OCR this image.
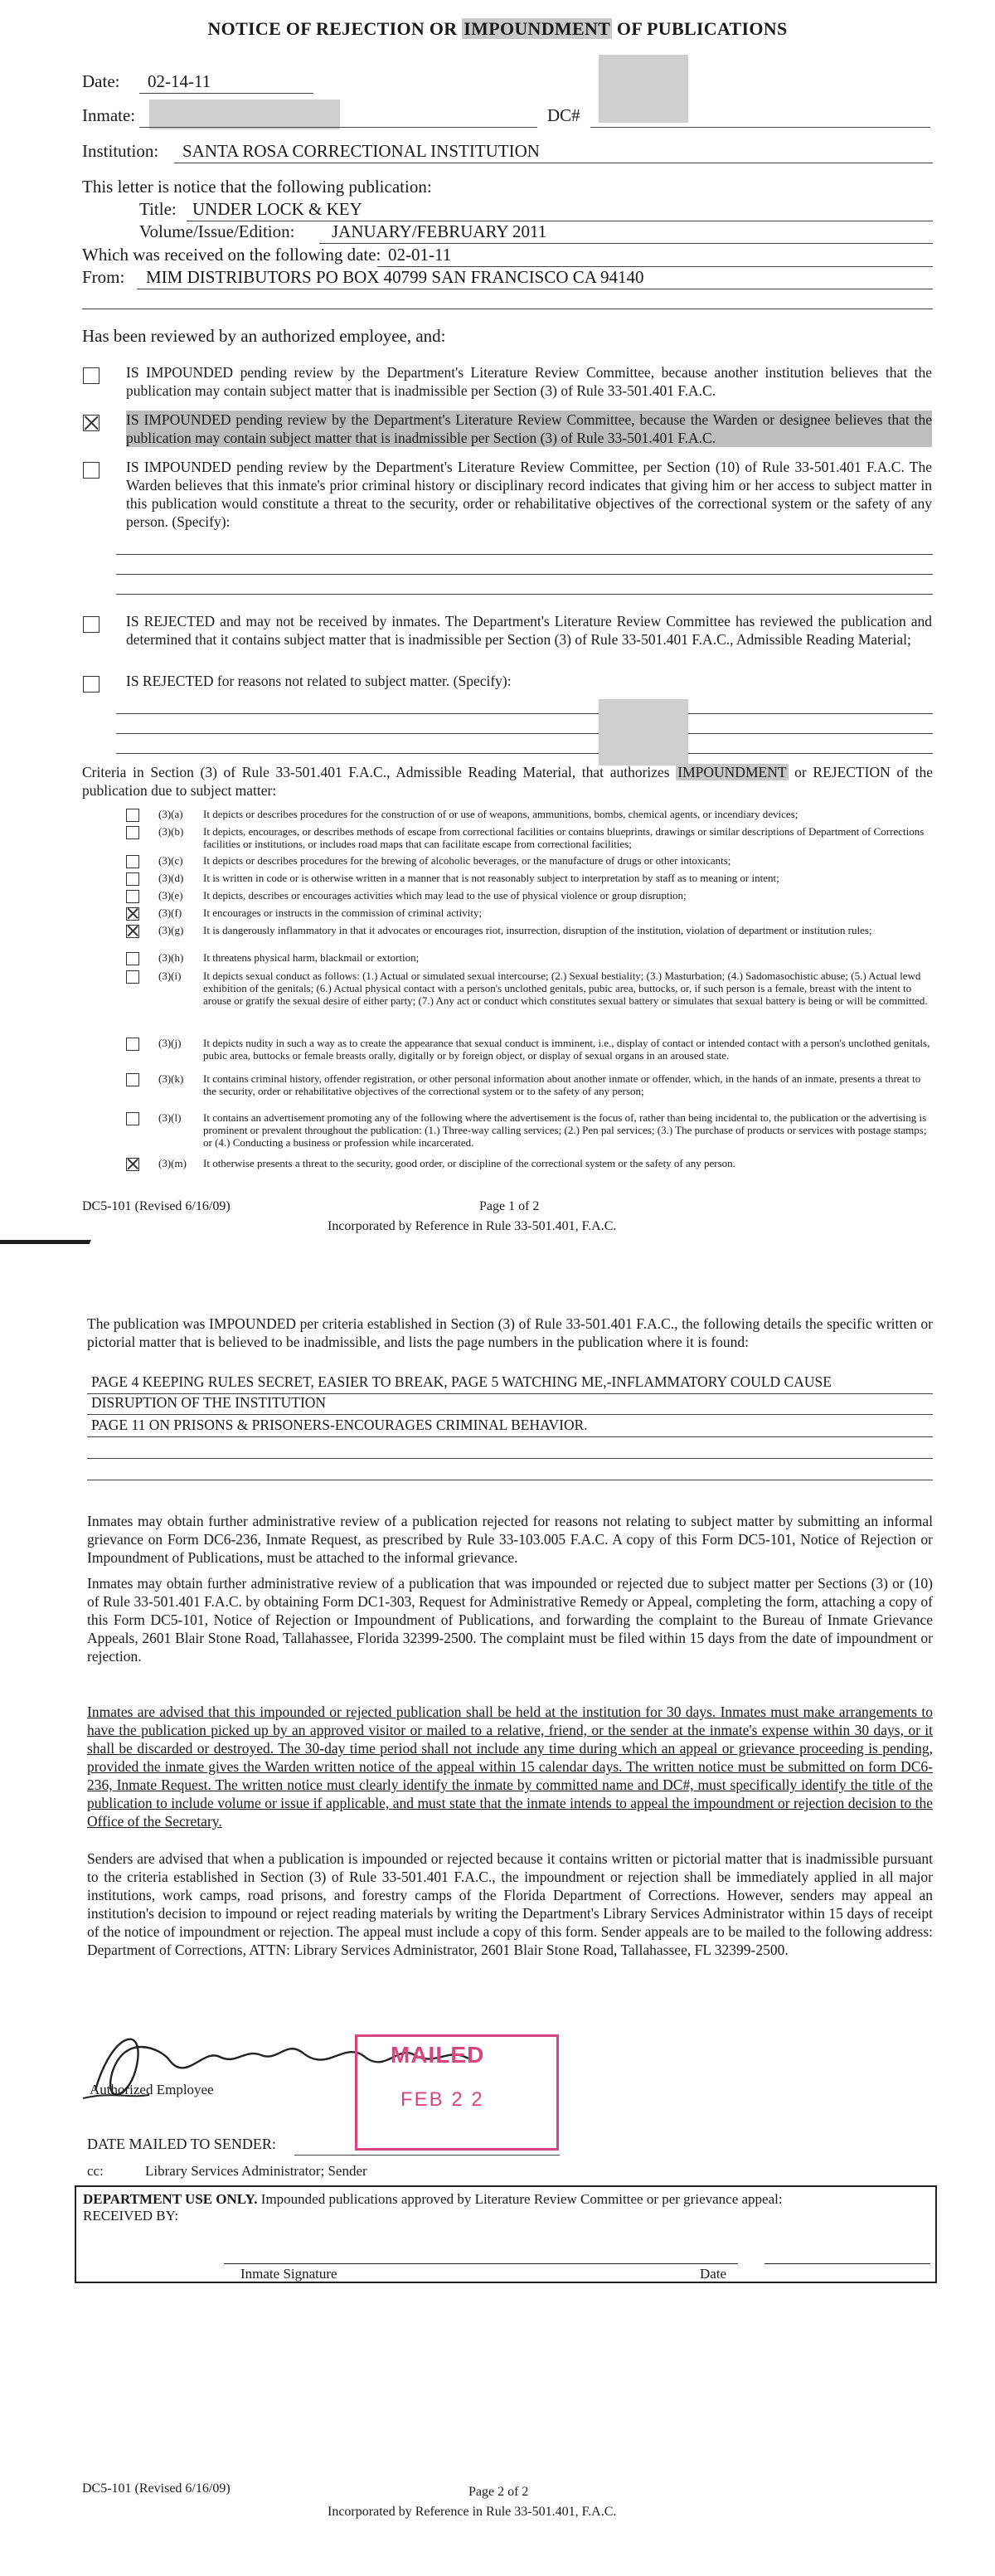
NOTICE OF REJECTION OR IMPOUNDMENT OF PUBLICATIONS
Date: 02-14-11
Inmate:	DC#
Institution: SANTA ROSA CORRECTIONAL INSTITUTION
This letter is notice that the following publication:
Title: UNDER LOCK & KEY
Volume/Issue/Edition: JANUARY/FEBRUARY 2011
Which was received on the following date: 02-01-11
From: MIM DISTRIBUTORS PO BOX 40799 SAN FRANCISCO CA 94140
Has been reviewed by an authorized employee, and:
IS IMPOUNDED pending review by the Department's Literature Review Committee, because another institution believes that the publication may contain subject matter that is inadmissible per Section (3) of Rule 33-501.401 F.A.C.
IS IMPOUNDED pending review by the Department's Literature Review Committee, because the Warden or designee believes that the publication may contain subject matter that is inadmissible per Section (3) of Rule 33-501.401 F.A.C.
IS IMPOUNDED pending review by the Department's Literature Review Committee, per Section (10) of Rule 33-501.401 F.A.C. The Warden believes that this inmate's prior criminal history or disciplinary record indicates that giving him or her access to subject matter in this publication would constitute a threat to the security, order or rehabilitative objectives of the correctional system or the safety of any person. (Specify):
IS REJECTED and may not be received by inmates. The Department's Literature Review Committee has reviewed the publication and determined that it contains subject matter that is inadmissible per Section (3) of Rule 33-501.401 F.A.C., Admissible Reading Material;
IS REJECTED for reasons not related to subject matter. (Specify):
Criteria in Section (3) of Rule 33-501.401 F.A.C., Admissible Reading Material, that authorizes IMPOUNDMENT or REJECTION of the publication due to subject matter:
(3)(a) It depicts or describes procedures for the construction of or use of weapons, ammunitions, bombs, chemical agents, or incendiary devices;
(3)(b) It depicts, encourages, or describes methods of escape from correctional facilities or contains blueprints, drawings or similar descriptions of Department of Corrections facilities or institutions, or includes road maps that can facilitate escape from correctional facilities;
(3)(c) It depicts or describes procedures for the brewing of alcoholic beverages, or the manufacture of drugs or other intoxicants;
(3)(d) It is written in code or is otherwise written in a manner that is not reasonably subject to interpretation by staff as to meaning or intent;
(3)(e) It depicts, describes or encourages activities which may lead to the use of physical violence or group disruption;
(3)(f) It encourages or instructs in the commission of criminal activity;
(3)(g) It is dangerously inflammatory in that it advocates or encourages riot, insurrection, disruption of the institution, violation of department or institution rules;
(3)(h) It threatens physical harm, blackmail or extortion;
(3)(i) It depicts sexual conduct as follows: (1.) Actual or simulated sexual intercourse; (2.) Sexual bestiality; (3.) Masturbation; (4.) Sadomasochistic abuse; (5.) Actual lewd exhibition of the genitals; (6.) Actual physical contact with a person's unclothed genitals, pubic area, buttocks, or, if such person is a female, breast with the intent to arouse or gratify the sexual desire of either party; (7.) Any act or conduct which constitutes sexual battery or simulates that sexual battery is being or will be committed.
(3)(j) It depicts nudity in such a way as to create the appearance that sexual conduct is imminent, i.e., display of contact or intended contact with a person's unclothed genitals, pubic area, buttocks or female breasts orally, digitally or by foreign object, or display of sexual organs in an aroused state.
(3)(k) It contains criminal history, offender registration, or other personal information about another inmate or offender, which, in the hands of an inmate, presents a threat to the security, order or rehabilitative objectives of the correctional system or to the safety of any person;
(3)(l) It contains an advertisement promoting any of the following where the advertisement is the focus of, rather than being incidental to, the publication or the advertising is prominent or prevalent throughout the publication: (1.) Three-way calling services; (2.) Pen pal services; (3.) The purchase of products or services with postage stamps; or (4.) Conducting a business or profession while incarcerated.
(3)(m) It otherwise presents a threat to the security, good order, or discipline of the correctional system or the safety of any person.
DC5-101 (Revised 6/16/09)	Page 1 of 2
Incorporated by Reference in Rule 33-501.401, F.A.C.
The publication was IMPOUNDED per criteria established in Section (3) of Rule 33-501.401 F.A.C., the following details the specific written or pictorial matter that is believed to be inadmissible, and lists the page numbers in the publication where it is found:
PAGE 4 KEEPING RULES SECRET, EASIER TO BREAK, PAGE 5 WATCHING ME,-INFLAMMATORY COULD CAUSE
DISRUPTION OF THE INSTITUTION
PAGE 11 ON PRISONS & PRISONERS-ENCOURAGES CRIMINAL BEHAVIOR.
Inmates may obtain further administrative review of a publication rejected for reasons not relating to subject matter by submitting an informal grievance on Form DC6-236, Inmate Request, as prescribed by Rule 33-103.005 F.A.C. A copy of this Form DC5-101, Notice of Rejection or Impoundment of Publications, must be attached to the informal grievance.
Inmates may obtain further administrative review of a publication that was impounded or rejected due to subject matter per Sections (3) or (10) of Rule 33-501.401 F.A.C. by obtaining Form DC1-303, Request for Administrative Remedy or Appeal, completing the form, attaching a copy of this Form DC5-101, Notice of Rejection or Impoundment of Publications, and forwarding the complaint to the Bureau of Inmate Grievance Appeals, 2601 Blair Stone Road, Tallahassee, Florida 32399-2500. The complaint must be filed within 15 days from the date of impoundment or rejection.
Inmates are advised that this impounded or rejected publication shall be held at the institution for 30 days. Inmates must make arrangements to have the publication picked up by an approved visitor or mailed to a relative, friend, or the sender at the inmate's expense within 30 days, or it shall be discarded or destroyed. The 30-day time period shall not include any time during which an appeal or grievance proceeding is pending, provided the inmate gives the Warden written notice of the appeal within 15 calendar days. The written notice must be submitted on form DC6-236, Inmate Request. The written notice must clearly identify the inmate by committed name and DC#, must specifically identify the title of the publication to include volume or issue if applicable, and must state that the inmate intends to appeal the impoundment or rejection decision to the Office of the Secretary.
Senders are advised that when a publication is impounded or rejected because it contains written or pictorial matter that is inadmissible pursuant to the criteria established in Section (3) of Rule 33-501.401 F.A.C., the impoundment or rejection shall be immediately applied in all major institutions, work camps, road prisons, and forestry camps of the Florida Department of Corrections. However, senders may appeal an institution's decision to impound or reject reading materials by writing the Department's Library Services Administrator within 15 days of receipt of the notice of impoundment or rejection. The appeal must include a copy of this form. Sender appeals are to be mailed to the following address: Department of Corrections, ATTN: Library Services Administrator, 2601 Blair Stone Road, Tallahassee, FL 32399-2500.
Authorized Employee
DATE MAILED TO SENDER:
cc:	Library Services Administrator; Sender
DEPARTMENT USE ONLY. Impounded publications approved by Literature Review Committee or per grievance appeal:
RECEIVED BY:
Inmate Signature	Date
DC5-101 (Revised 6/16/09)	Page 2 of 2
Incorporated by Reference in Rule 33-501.401, F.A.C.
MAILED
FEB 2 2
